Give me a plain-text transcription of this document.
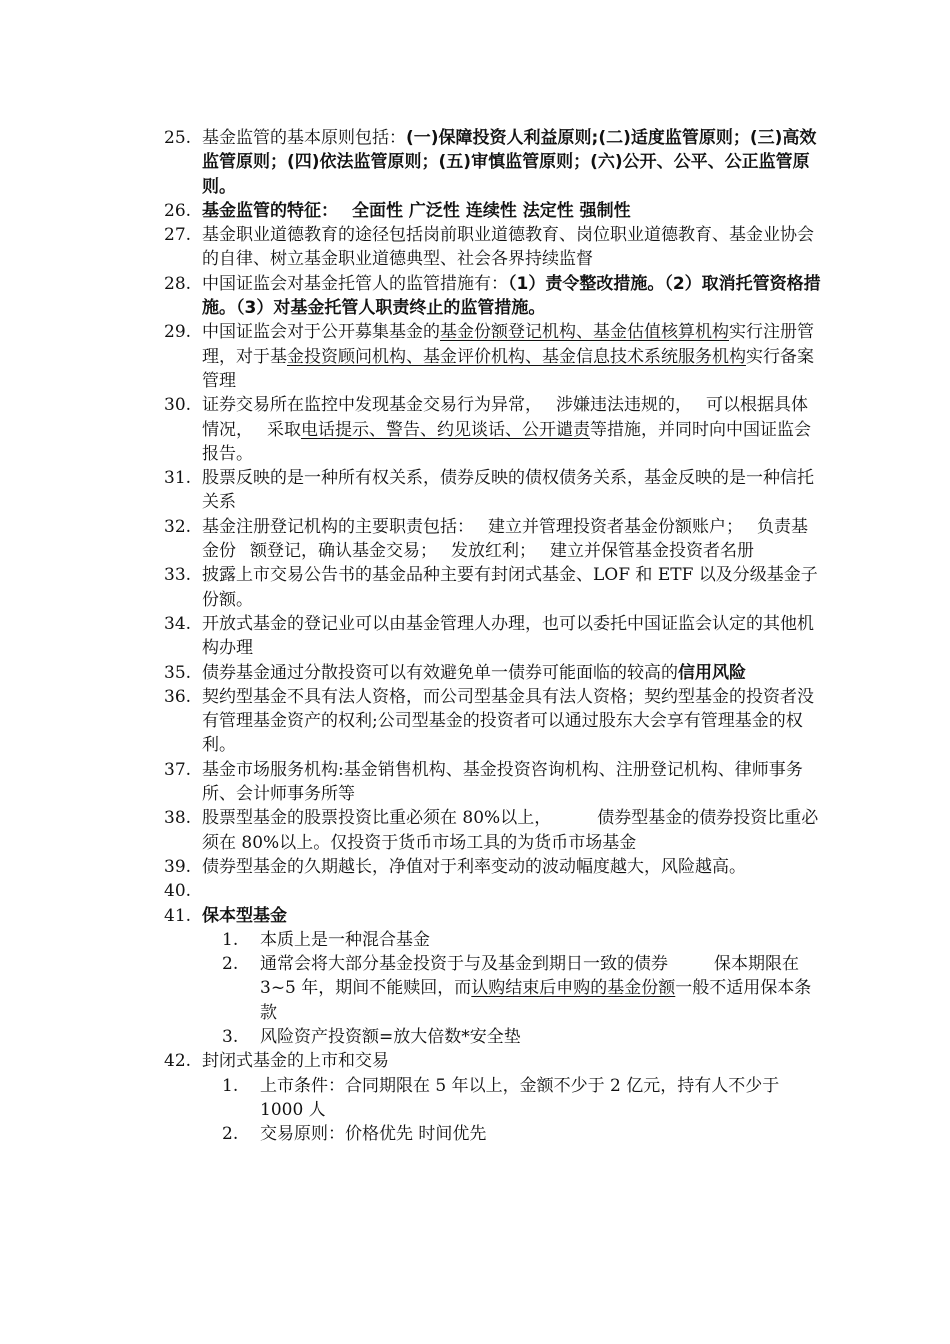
25. 基金监管的基本原则包括：(一)保障投资人利益原则;(二)适度监管原则；(三)高效监管原则；(四)依法监管原则；(五)审慎监管原则；(六)公开、公平、公正监管原则。
26. 基金监管的特征： 全面性 广泛性 连续性 法定性 强制性
27. 基金职业道德教育的途径包括岗前职业道德教育、岗位职业道德教育、基金业协会的自律、树立基金职业道德典型、社会各界持续监督
28. 中国证监会对基金托管人的监管措施有：（1）责令整改措施。（2）取消托管资格措施。（3）对基金托管人职责终止的监管措施。
29. 中国证监会对于公开募集基金的基金份额登记机构、基金估值核算机构实行注册管理，对于基金投资顾问机构、基金评价机构、基金信息技术系统服务机构实行备案管理
30. 证券交易所在监控中发现基金交易行为异常， 涉嫌违法违规的， 可以根据具体情况， 采取电话提示、警告、约见谈话、公开谴责等措施，并同时向中国证监会报告。
31. 股票反映的是一种所有权关系，债券反映的债权债务关系，基金反映的是一种信托关系
32. 基金注册登记机构的主要职责包括： 建立并管理投资者基金份额账户； 负责基金份 额登记，确认基金交易； 发放红利； 建立并保管基金投资者名册
33. 披露上市交易公告书的基金品种主要有封闭式基金、LOF 和 ETF 以及分级基金子份额。
34. 开放式基金的登记业可以由基金管理人办理，也可以委托中国证监会认定的其他机构办理
35. 债券基金通过分散投资可以有效避免单一债券可能面临的较高的信用风险
36. 契约型基金不具有法人资格，而公司型基金具有法人资格；契约型基金的投资者没有管理基金资产的权利;公司型基金的投资者可以通过股东大会享有管理基金的权利。
37. 基金市场服务机构:基金销售机构、基金投资咨询机构、注册登记机构、律师事务所、会计师事务所等
38. 股票型基金的股票投资比重必须在 80%以上，	债券型基金的债券投资比重必须在 80%以上。仅投资于货币市场工具的为货币市场基金
39. 债券型基金的久期越长，净值对于利率变动的波动幅度越大，风险越高。
40.
41. 保本型基金
1.	本质上是一种混合基金
2.	通常会将大部分基金投资于与及基金到期日一致的债券	保本期限在 3~5 年，期间不能赎回，而认购结束后申购的基金份额一般不适用保本条款
3.	风险资产投资额=放大倍数*安全垫
42. 封闭式基金的上市和交易
1.	上市条件：合同期限在 5 年以上，金额不少于 2 亿元，持有人不少于 1000 人
2.	交易原则：价格优先 时间优先
